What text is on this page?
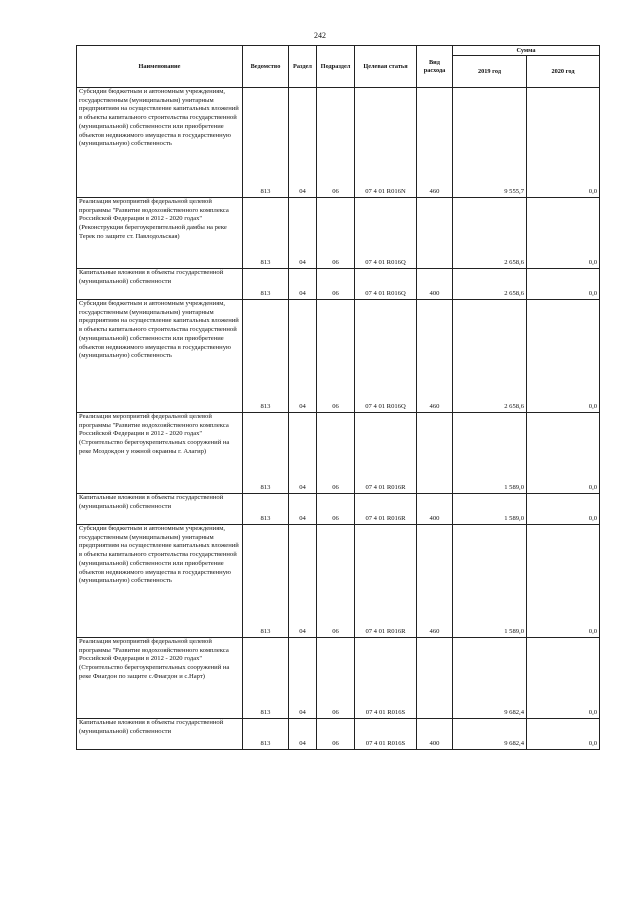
242
Наименование	Ведомство	Раздел	Подраздел	Целевая статья	Вид расхода	Сумма	
						2019 год	2020 год
Субсидии бюджетным и автономным учреждениям, государственным (муниципальным) унитарным предприятиям на осуществление капитальных вложений в объекты капитального строительства государственной (муниципальной) собственности или приобретение объектов недвижимого имущества в государственную (муниципальную) собственность	813	04	06	07 4 01 R016N	460	9 555,7	0,0
Реализация мероприятий федеральной целевой программы "Развитие водохозяйственного комплекса Российской Федерации в 2012 - 2020 годах" (Реконструкция берегоукрепительной дамбы на реке Терек по защите ст. Павлодольская)	813	04	06	07 4 01 R016Q		2 658,6	0,0
Капитальные вложения в объекты государственной (муниципальной) собственности	813	04	06	07 4 01 R016Q	400	2 658,6	0,0
Субсидии бюджетным и автономным учреждениям, государственным (муниципальным) унитарным предприятиям на осуществление капитальных вложений в объекты капитального строительства государственной (муниципальной) собственности или приобретение объектов недвижимого имущества в государственную (муниципальную) собственность	813	04	06	07 4 01 R016Q	460	2 658,6	0,0
Реализация мероприятий федеральной целевой программы "Развитие водохозяйственного комплекса Российской Федерации в 2012 - 2020 годах" (Строительство берегоукрепительных сооружений на реке Моздокдон у южной окраины г. Алагир)	813	04	06	07 4 01 R016R		1 589,0	0,0
Капитальные вложения в объекты государственной (муниципальной) собственности	813	04	06	07 4 01 R016R	400	1 589,0	0,0
Субсидии бюджетным и автономным учреждениям, государственным (муниципальным) унитарным предприятиям на осуществление капитальных вложений в объекты капитального строительства государственной (муниципальной) собственности или приобретение объектов недвижимого имущества в государственную (муниципальную) собственность	813	04	06	07 4 01 R016R	460	1 589,0	0,0
Реализация мероприятий федеральной целевой программы "Развитие водохозяйственного комплекса Российской Федерации в 2012 - 2020 годах" (Строительство берегоукрепительных сооружений на реке Фиагдон по защите с.Фиагдон и с.Нарт)	813	04	06	07 4 01 R016S		9 682,4	0,0
Капитальные вложения в объекты государственной (муниципальной) собственности	813	04	06	07 4 01 R016S	400	9 682,4	0,0
